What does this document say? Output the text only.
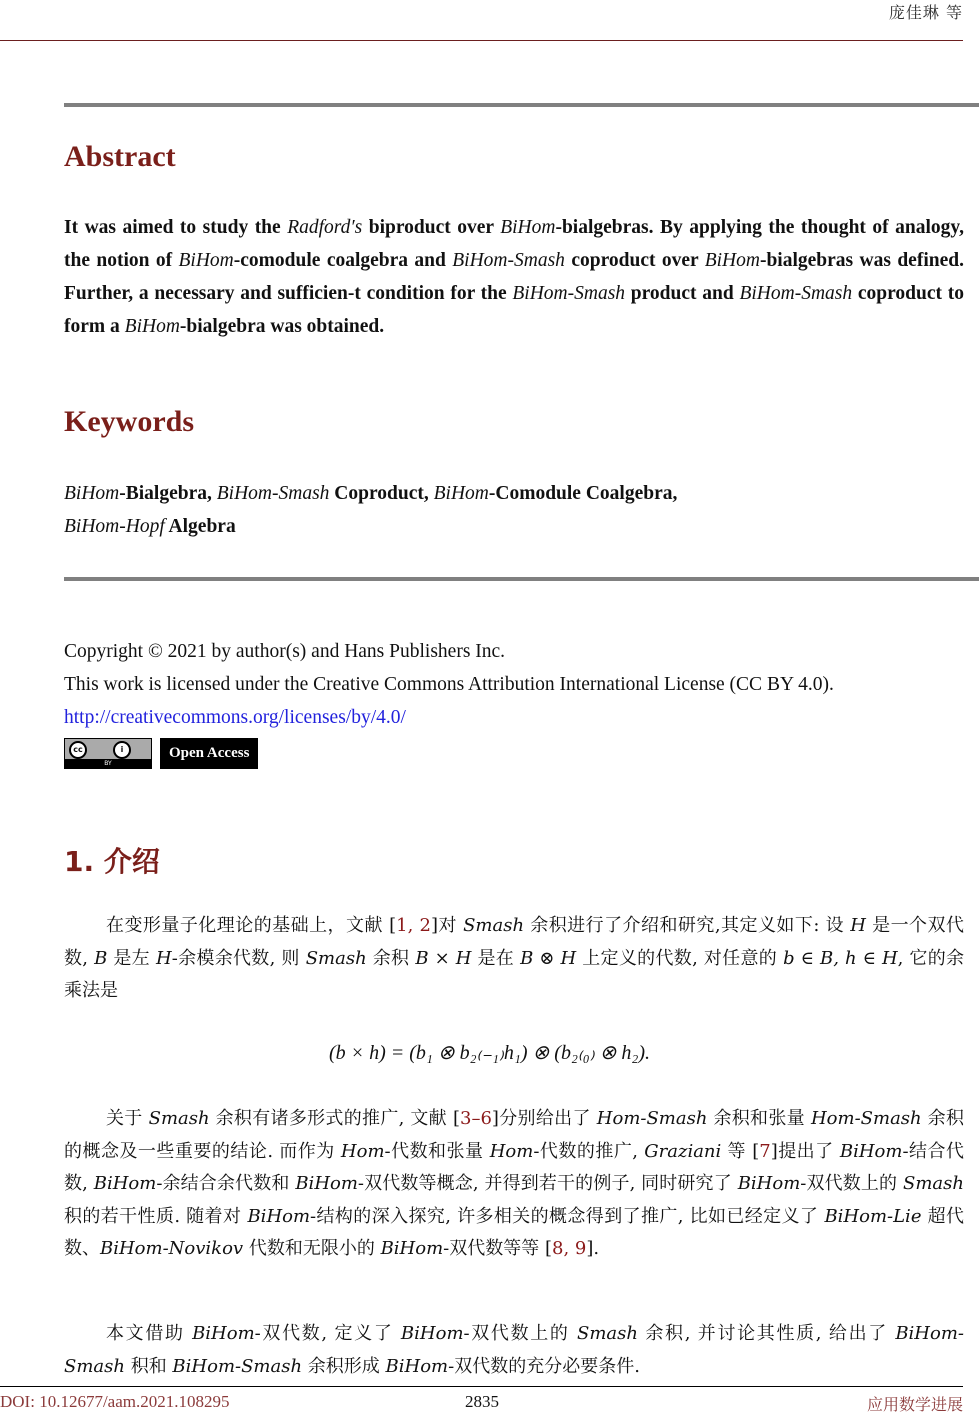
庞佳琳 等
Abstract
It was aimed to study the Radford′s biproduct over BiHom-bialgebras. By applying the thought of analogy, the notion of BiHom-comodule coalgebra and BiHom-Smash coproduct over BiHom-bialgebras was defined. Further, a necessary and sufficien-t condition for the BiHom-Smash product and BiHom-Smash coproduct to form a BiHom-bialgebra was obtained.
Keywords
BiHom-Bialgebra, BiHom-Smash Coproduct, BiHom-Comodule Coalgebra,
BiHom-Hopf Algebra
Copyright © 2021 by author(s) and Hans Publishers Inc.
This work is licensed under the Creative Commons Attribution International License (CC BY 4.0).
http://creativecommons.org/licenses/by/4.0/
cc	i
BY
Open Access
1. 介绍

在变形量子化理论的基础上，文献 [1, 2]对 Smash 余积进行了介绍和研究,其定义如下: 设 H 是一个双代数, B 是左 H-余模余代数, 则 Smash 余积 B × H 是在 B ⊗ H 上定义的代数, 对任意的 b ∈ B, h ∈ H, 它的余乘法是

(b × h) = (b₁ ⊗ b₂₍₋₁₎h₁) ⊗ (b₂₍₀₎ ⊗ h₂).

关于 Smash 余积有诸多形式的推广, 文献 [3–6]分别给出了 Hom-Smash 余积和张量 Hom-Smash 余积的概念及一些重要的结论. 而作为 Hom-代数和张量 Hom-代数的推广, Graziani 等 [7]提出了 BiHom-结合代数, BiHom-余结合余代数和 BiHom-双代数等概念, 并得到若干的例子, 同时研究了 BiHom-双代数上的 Smash 积的若干性质. 随着对 BiHom-结构的深入探究, 许多相关的概念得到了推广, 比如已经定义了 BiHom-Lie 超代数、BiHom-Novikov 代数和无限小的 BiHom-双代数等等 [8, 9].

本文借助 BiHom-双代数, 定义了 BiHom-双代数上的 Smash 余积, 并讨论其性质, 给出了 BiHom-Smash 积和 BiHom-Smash 余积形成 BiHom-双代数的充分必要条件.

DOI: 10.12677/aam.2021.108295	2835	应用数学进展
